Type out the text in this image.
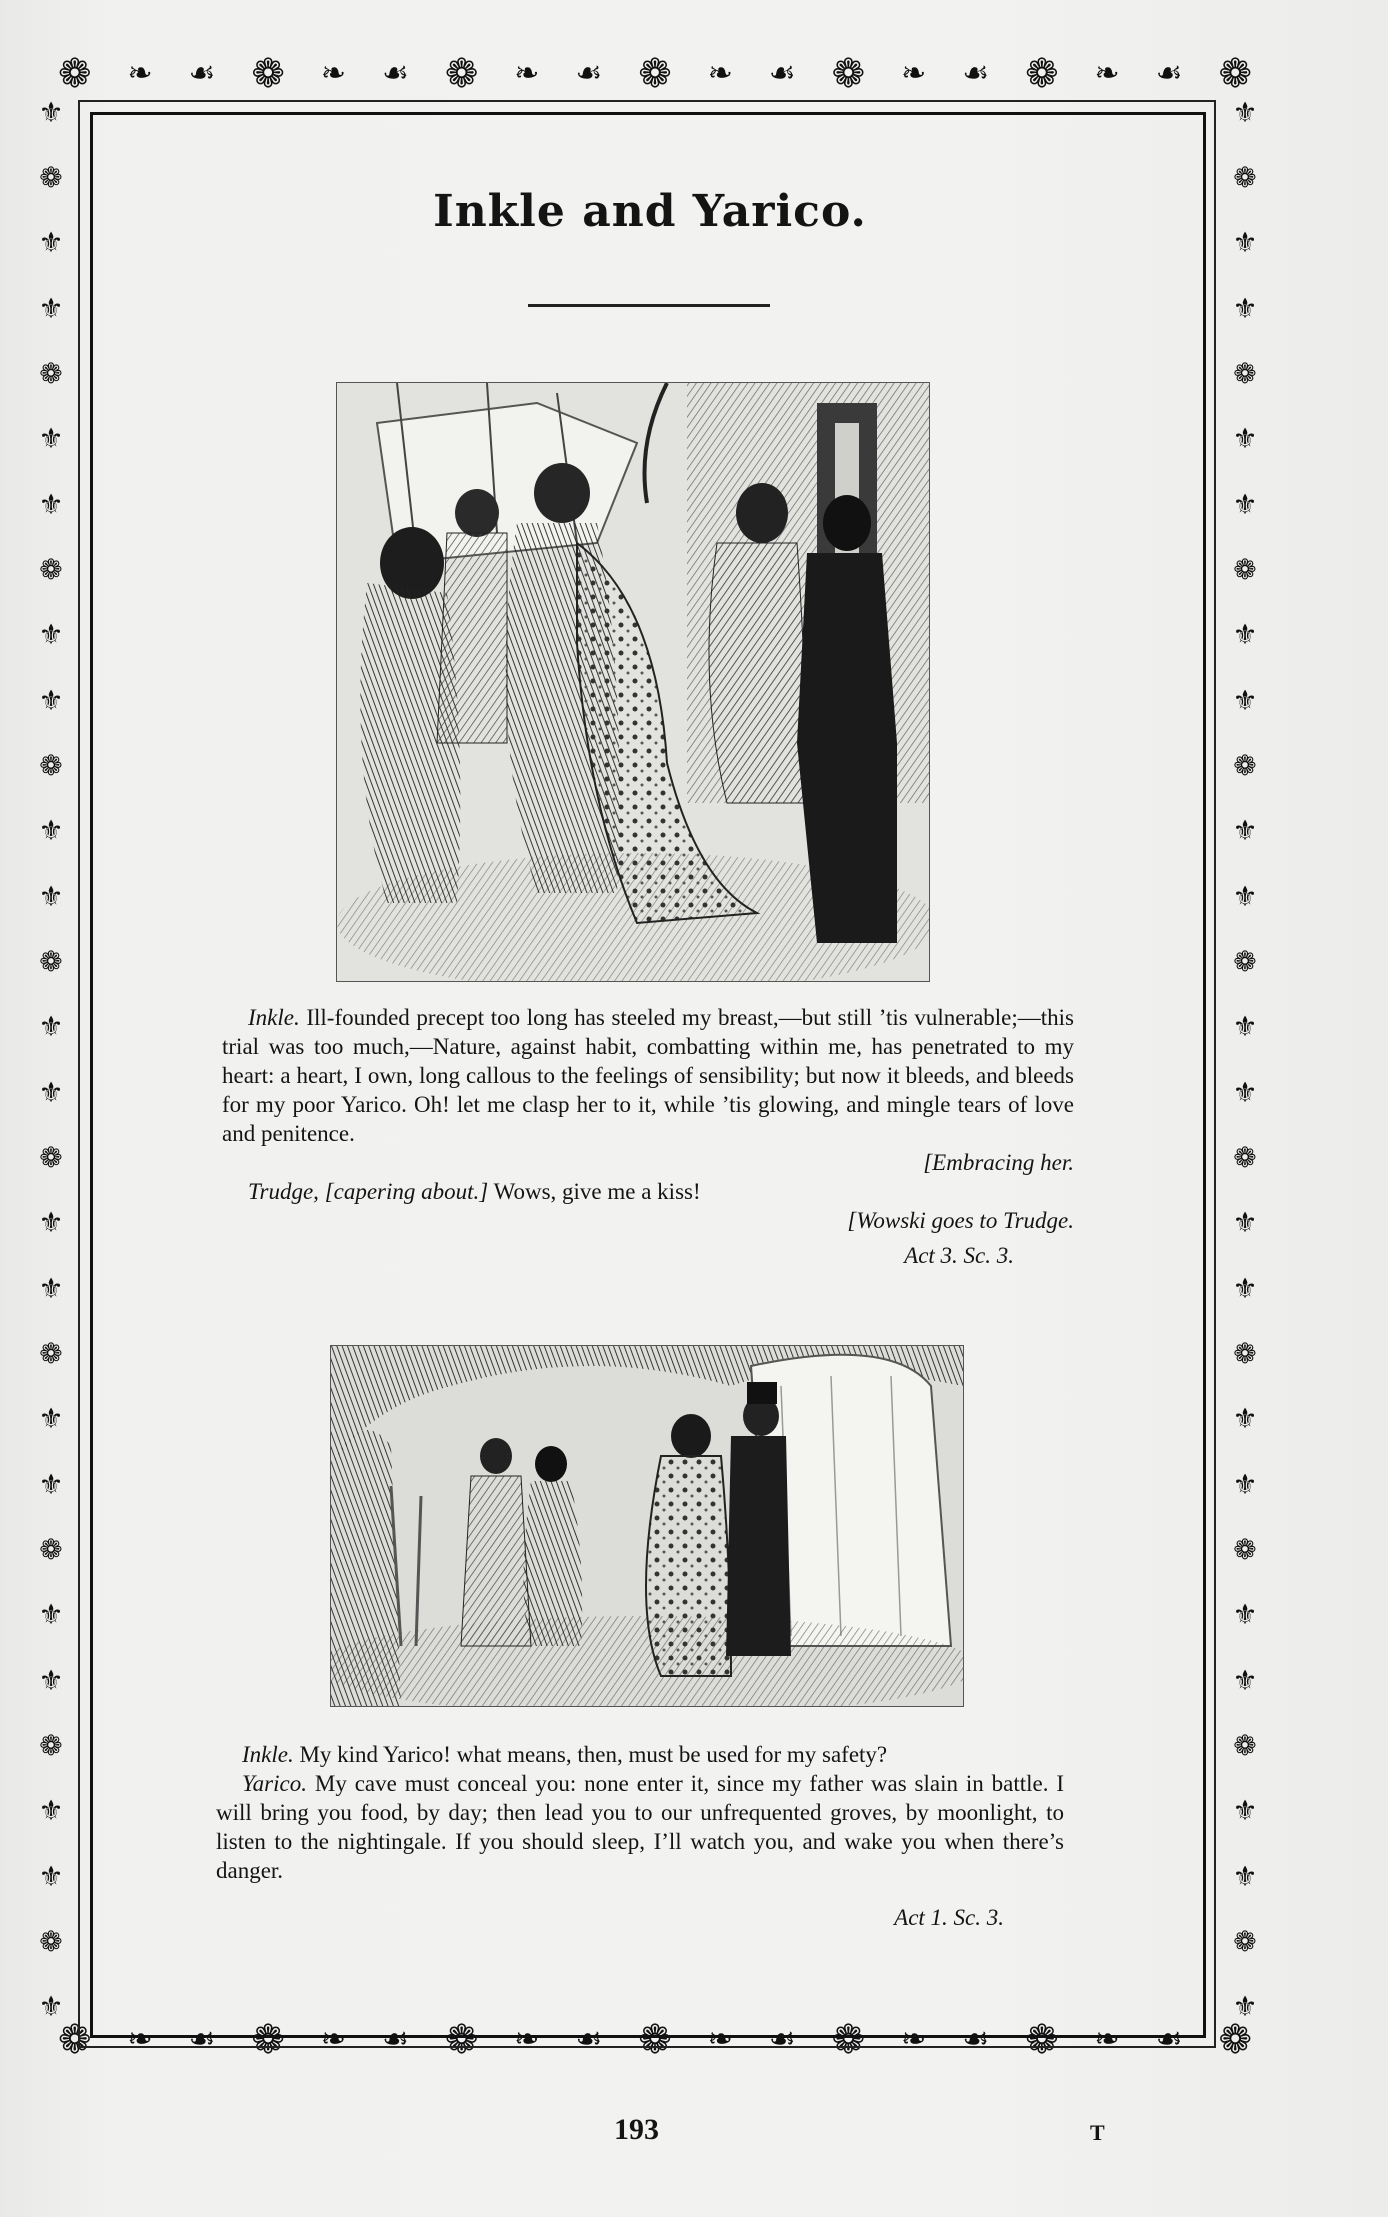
❁ ❧ ☙ ❁ ❧ ☙ ❁ ❧ ☙ ❁ ❧ ☙ ❁ ❧ ☙ ❁ ❧ ☙ ❁
❁ ❧ ☙ ❁ ❧ ☙ ❁ ❧ ☙ ❁ ❧ ☙ ❁ ❧ ☙ ❁ ❧ ☙ ❁
⚜
❁
⚜
⚜
❁
⚜
⚜
❁
⚜
⚜
❁
⚜
⚜
❁
⚜
⚜
❁
⚜
⚜
❁
⚜
⚜
❁
⚜
⚜
❁
⚜
⚜
❁
⚜
⚜
❁
⚜
⚜
❁
⚜
⚜
❁
⚜
⚜
❁
⚜
⚜
❁
⚜
⚜
❁
⚜
⚜
❁
⚜
⚜
❁
⚜
⚜
❁
⚜
⚜
❁
⚜
Inkle and Yarico.

Inkle. Ill-founded precept too long has steeled my breast,—but still ’tis vulnerable;—this trial was too much,—Nature, against habit, combatting within me, has penetrated to my heart: a heart, I own, long callous to the feelings of sensibility; but now it bleeds, and bleeds for my poor Yarico. Oh! let me clasp her to it, while ’tis glowing, and mingle tears of love and penitence.

[Embracing her.

Trudge, [capering about.] Wows, give me a kiss!

[Wowski goes to Trudge.
Act 3. Sc. 3.

Inkle. My kind Yarico! what means, then, must be used for my safety?

Yarico. My cave must conceal you: none enter it, since my father was slain in battle. I will bring you food, by day; then lead you to our unfrequented groves, by moonlight, to listen to the nightingale. If you should sleep, I’ll watch you, and wake you when there’s danger.

Act 1. Sc. 3.
193	T
